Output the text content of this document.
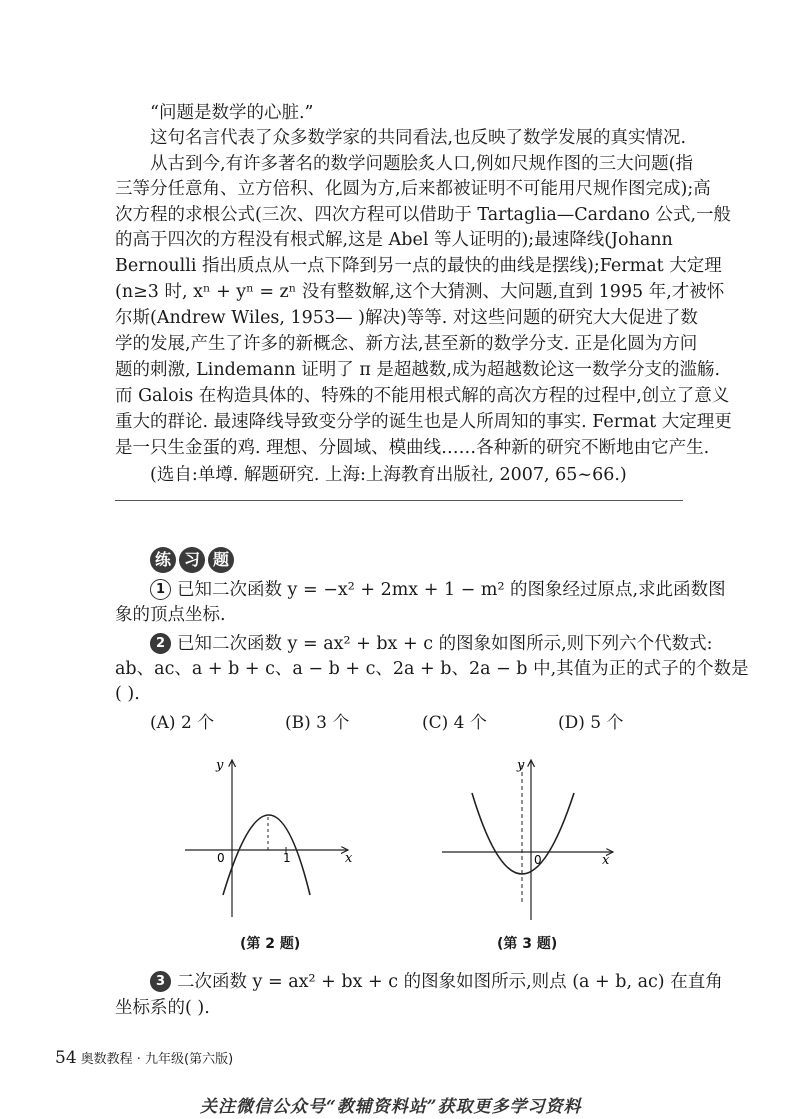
“问题是数学的心脏.”
这句名言代表了众多数学家的共同看法,也反映了数学发展的真实情况.
从古到今,有许多著名的数学问题脍炙人口,例如尺规作图的三大问题(指
三等分任意角、立方倍积、化圆为方,后来都被证明不可能用尺规作图完成);高
次方程的求根公式(三次、四次方程可以借助于 Tartaglia—Cardano 公式,一般
的高于四次的方程没有根式解,这是 Abel 等人证明的);最速降线(Johann
Bernoulli 指出质点从一点下降到另一点的最快的曲线是摆线);Fermat 大定理
(n≥3 时, xⁿ + yⁿ = zⁿ 没有整数解,这个大猜测、大问题,直到 1995 年,才被怀
尔斯(Andrew Wiles, 1953— )解决)等等. 对这些问题的研究大大促进了数
学的发展,产生了许多的新概念、新方法,甚至新的数学分支. 正是化圆为方问
题的刺激, Lindemann 证明了 π 是超越数,成为超越数论这一数学分支的滥觞.
而 Galois 在构造具体的、特殊的不能用根式解的高次方程的过程中,创立了意义
重大的群论. 最速降线导致变分学的诞生也是人所周知的事实. Fermat 大定理更
是一只生金蛋的鸡. 理想、分圆域、模曲线……各种新的研究不断地由它产生.
(选自:单墫. 解题研究. 上海:上海教育出版社, 2007, 65~66.)
练 习 题
1 已知二次函数 y = −x² + 2mx + 1 − m² 的图象经过原点,求此函数图
象的顶点坐标.
2 已知二次函数 y = ax² + bx + c 的图象如图所示,则下列六个代数式:
ab、ac、a + b + c、a − b + c、2a + b、2a − b 中,其值为正的式子的个数是
( ).
(A) 2 个	(B) 3 个	(C) 4 个	(D) 5 个
0	1	x
y
(第 2 题)
0	x
y
(第 3 题)
3 二次函数 y = ax² + bx + c 的图象如图所示,则点 (a + b, ac) 在直角
坐标系的( ).
54 奥数教程 · 九年级(第六版)
关注微信公众号“教辅资料站”获取更多学习资料
